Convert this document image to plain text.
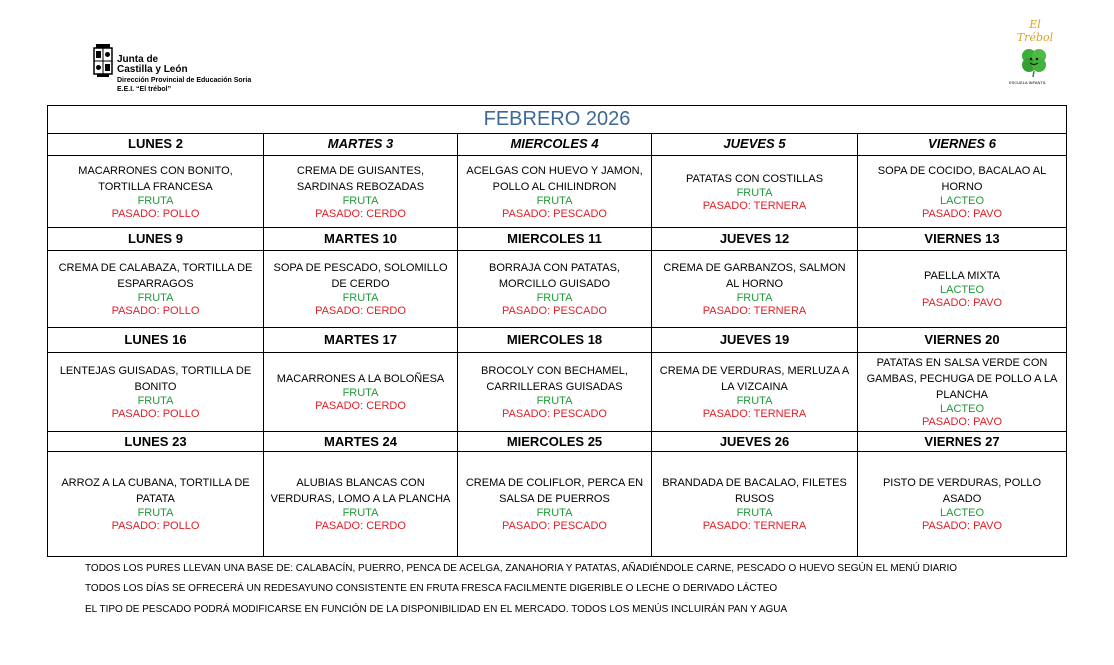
Junta de
Castilla y León
Dirección Provincial de Educación Soria
E.E.I. “El trébol”
El
Trébol
ESCUELA INFANTIL
FEBRERO 2026
LUNES 2
MACARRONES CON BONITO, TORTILLA FRANCESA
FRUTA
PASADO: POLLO
MARTES 3
CREMA DE GUISANTES, SARDINAS REBOZADAS
FRUTA
PASADO: CERDO
MIERCOLES 4
ACELGAS CON HUEVO Y JAMON, POLLO AL CHILINDRON
FRUTA
PASADO: PESCADO
JUEVES 5
PATATAS CON COSTILLAS
FRUTA
PASADO: TERNERA
VIERNES 6
SOPA DE COCIDO, BACALAO AL HORNO
LACTEO
PASADO: PAVO
LUNES 9
CREMA DE CALABAZA, TORTILLA DE ESPARRAGOS
FRUTA
PASADO: POLLO
MARTES 10
SOPA DE PESCADO, SOLOMILLO DE CERDO
FRUTA
PASADO: CERDO
MIERCOLES 11
BORRAJA CON PATATAS, MORCILLO GUISADO
FRUTA
PASADO: PESCADO
JUEVES 12
CREMA DE GARBANZOS, SALMON AL HORNO
FRUTA
PASADO: TERNERA
VIERNES 13
PAELLA MIXTA
LACTEO
PASADO: PAVO
LUNES 16
LENTEJAS GUISADAS, TORTILLA DE BONITO
FRUTA
PASADO: POLLO
MARTES 17
MACARRONES A LA BOLOÑESA
FRUTA
PASADO: CERDO
MIERCOLES 18
BROCOLY CON BECHAMEL, CARRILLERAS GUISADAS
FRUTA
PASADO: PESCADO
JUEVES 19
CREMA DE VERDURAS, MERLUZA A LA VIZCAINA
FRUTA
PASADO: TERNERA
VIERNES 20
PATATAS EN SALSA VERDE CON GAMBAS, PECHUGA DE POLLO A LA PLANCHA
LACTEO
PASADO: PAVO
LUNES 23
ARROZ A LA CUBANA, TORTILLA DE PATATA
FRUTA
PASADO: POLLO
MARTES 24
ALUBIAS BLANCAS CON VERDURAS, LOMO A LA PLANCHA
FRUTA
PASADO: CERDO
MIERCOLES 25
CREMA DE COLIFLOR, PERCA EN SALSA DE PUERROS
FRUTA
PASADO: PESCADO
JUEVES 26
BRANDADA DE BACALAO, FILETES RUSOS
FRUTA
PASADO: TERNERA
VIERNES 27
PISTO DE VERDURAS, POLLO ASADO
LACTEO
PASADO: PAVO
TODOS LOS PURES LLEVAN UNA BASE DE: CALABACÍN, PUERRO, PENCA DE ACELGA, ZANAHORIA Y PATATAS, AÑADIÉNDOLE CARNE, PESCADO O HUEVO SEGÚN EL MENÚ DIARIO
TODOS LOS DÍAS SE OFRECERÁ UN REDESAYUNO CONSISTENTE EN FRUTA FRESCA FACILMENTE DIGERIBLE O LECHE O DERIVADO LÁCTEO
EL TIPO DE PESCADO PODRÁ MODIFICARSE EN FUNCIÓN DE LA DISPONIBILIDAD EN EL MERCADO. TODOS LOS MENÚS INCLUIRÁN PAN Y AGUA
